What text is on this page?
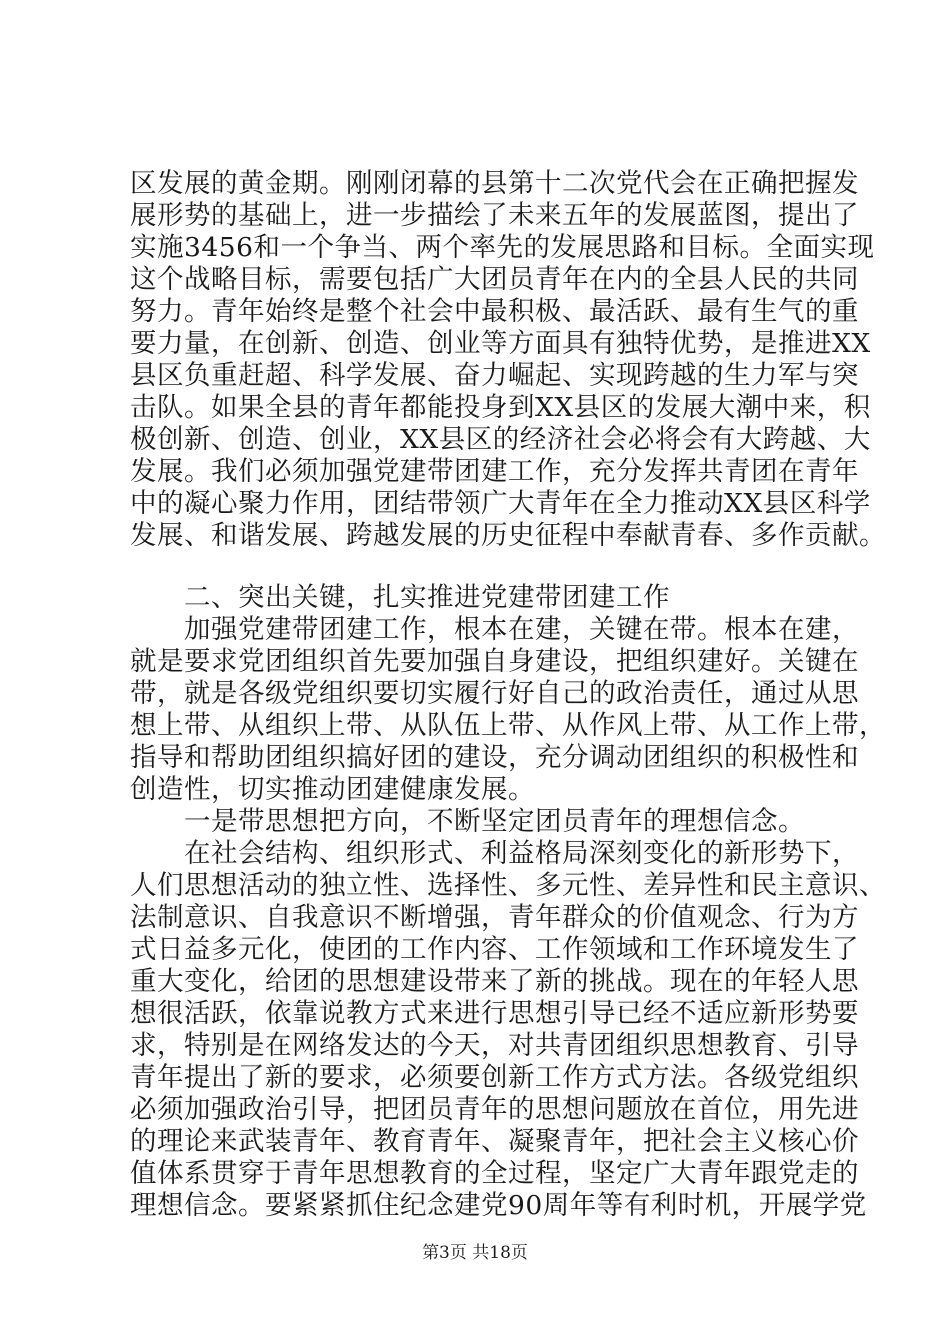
区发展的黄金期。刚刚闭幕的县第十二次党代会在正确把握发
展形势的基础上，进一步描绘了未来五年的发展蓝图，提出了
实施3456和一个争当、两个率先的发展思路和目标。全面实现
这个战略目标，需要包括广大团员青年在内的全县人民的共同
努力。青年始终是整个社会中最积极、最活跃、最有生气的重
要力量，在创新、创造、创业等方面具有独特优势，是推进XX
县区负重赶超、科学发展、奋力崛起、实现跨越的生力军与突
击队。如果全县的青年都能投身到XX县区的发展大潮中来，积
极创新、创造、创业，XX县区的经济社会必将会有大跨越、大
发展。我们必须加强党建带团建工作，充分发挥共青团在青年
中的凝心聚力作用，团结带领广大青年在全力推动XX县区科学
发展、和谐发展、跨越发展的历史征程中奉献青春、多作贡献。
　　二、突出关键，扎实推进党建带团建工作
　　加强党建带团建工作，根本在建，关键在带。根本在建，
就是要求党团组织首先要加强自身建设，把组织建好。关键在
带，就是各级党组织要切实履行好自己的政治责任，通过从思
想上带、从组织上带、从队伍上带、从作风上带、从工作上带，
指导和帮助团组织搞好团的建设，充分调动团组织的积极性和
创造性，切实推动团建健康发展。
　　一是带思想把方向，不断坚定团员青年的理想信念。
　　在社会结构、组织形式、利益格局深刻变化的新形势下，
人们思想活动的独立性、选择性、多元性、差异性和民主意识、
法制意识、自我意识不断增强，青年群众的价值观念、行为方
式日益多元化，使团的工作内容、工作领域和工作环境发生了
重大变化，给团的思想建设带来了新的挑战。现在的年轻人思
想很活跃，依靠说教方式来进行思想引导已经不适应新形势要
求，特别是在网络发达的今天，对共青团组织思想教育、引导
青年提出了新的要求，必须要创新工作方式方法。各级党组织
必须加强政治引导，把团员青年的思想问题放在首位，用先进
的理论来武装青年、教育青年、凝聚青年，把社会主义核心价
值体系贯穿于青年思想教育的全过程，坚定广大青年跟党走的
理想信念。要紧紧抓住纪念建党90周年等有利时机，开展学党
第3页 共18页
